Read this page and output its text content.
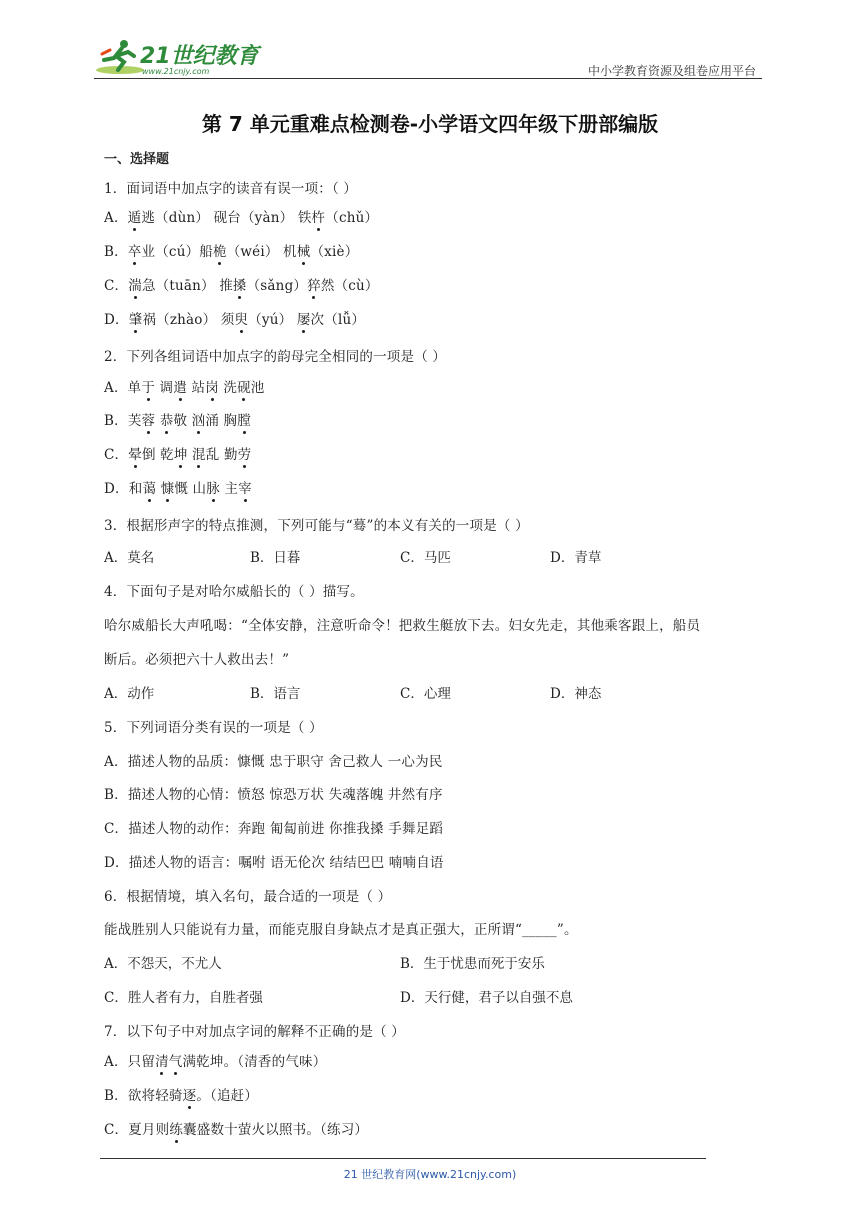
21世纪教育
www.21cnjy.com	中小学教育资源及组卷应用平台
第 7 单元重难点检测卷-小学语文四年级下册部编版
一、选择题
1．面词语中加点字的读音有误一项：（ ）
A．遁逃（dùn） 砚台（yàn） 铁杵（chǔ）
B．卒业（cú）船桅（wéi） 机械（xiè）
C．湍急（tuān） 推搡（sǎng）猝然（cù）
D．肇祸（zhào） 须臾（yú） 屡次（lǚ）
2．下列各组词语中加点字的韵母完全相同的一项是（ ）
A．单于 调遣 站岗 洗砚池
B．芙蓉 恭敬 汹涌 胸膛
C．晕倒 乾坤 混乱 勤劳
D．和蔼 慷慨 山脉 主宰
3．根据形声字的特点推测，下列可能与“蓦”的本义有关的一项是（ ）
A．莫名	B．日暮	C．马匹	D．青草
4．下面句子是对哈尔威船长的（ ）描写。
哈尔威船长大声吼喝：“全体安静，注意听命令！把救生艇放下去。妇女先走，其他乘客跟上，船员
断后。必须把六十人救出去！”
A．动作	B．语言	C．心理	D．神态
5．下列词语分类有误的一项是（ ）
A．描述人物的品质：慷慨 忠于职守 舍己救人 一心为民
B．描述人物的心情：愤怒 惊恐万状 失魂落魄 井然有序
C．描述人物的动作：奔跑 匍匐前进 你推我搡 手舞足蹈
D．描述人物的语言：嘱咐 语无伦次 结结巴巴 喃喃自语
6．根据情境，填入名句，最合适的一项是（ ）
能战胜别人只能说有力量，而能克服自身缺点才是真正强大，正所谓“_____”。
A．不怨天，不尤人	B．生于忧患而死于安乐
C．胜人者有力，自胜者强	D．天行健，君子以自强不息
7．以下句子中对加点字词的解释不正确的是（ ）
A．只留清气满乾坤。（清香的气味）
B．欲将轻骑逐。（追赶）
C．夏月则练囊盛数十萤火以照书。（练习）
21 世纪教育网(www.21cnjy.com)
